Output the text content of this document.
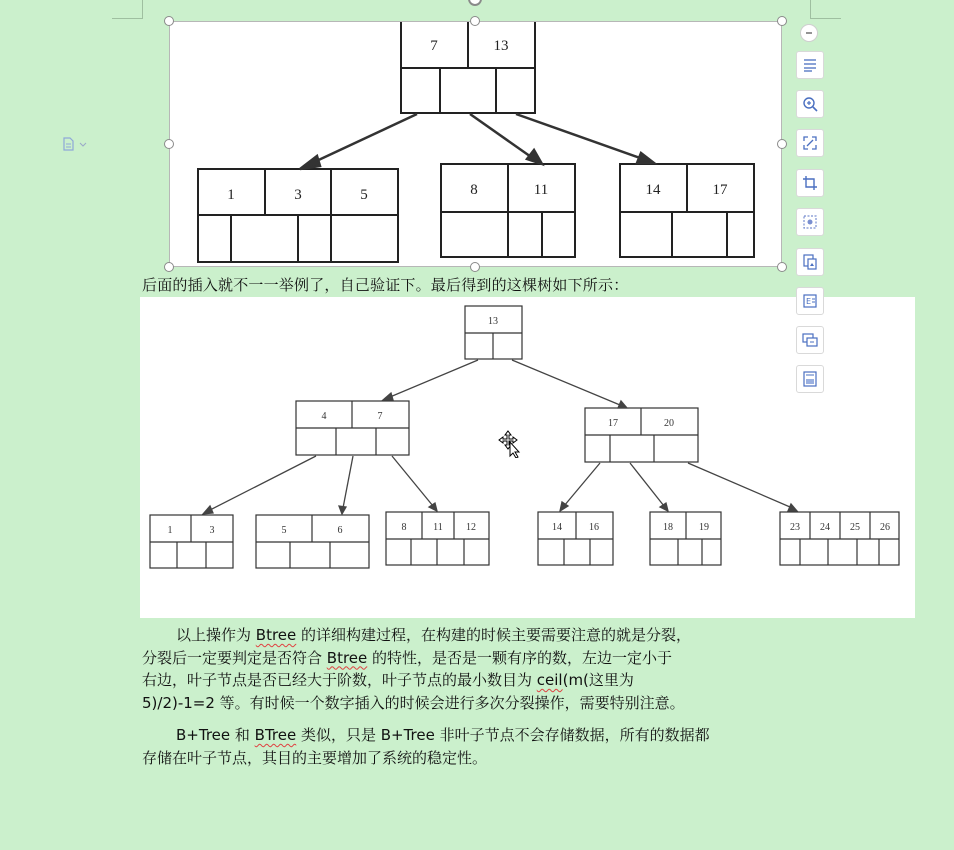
7	13
1	3	5	8	11	14	17
后面的插入就不一一举例了，自己验证下。最后得到的这棵树如下所示：
13
4	7
17	20
1	3	5	6	8	11 12	14	16	18	19	23 24 25 26
以上操作为 Btree 的详细构建过程，在构建的时候主要需要注意的就是分裂，
分裂后一定要判定是否符合 Btree 的特性，是否是一颗有序的数，左边一定小于
右边，叶子节点是否已经大于阶数，叶子节点的最小数目为 ceil(m(这里为
5)/2)-1=2 等。有时候一个数字插入的时候会进行多次分裂操作，需要特别注意。
B+Tree 和 BTree 类似，只是 B+Tree 非叶子节点不会存储数据，所有的数据都
存储在叶子节点，其目的主要增加了系统的稳定性。
E
